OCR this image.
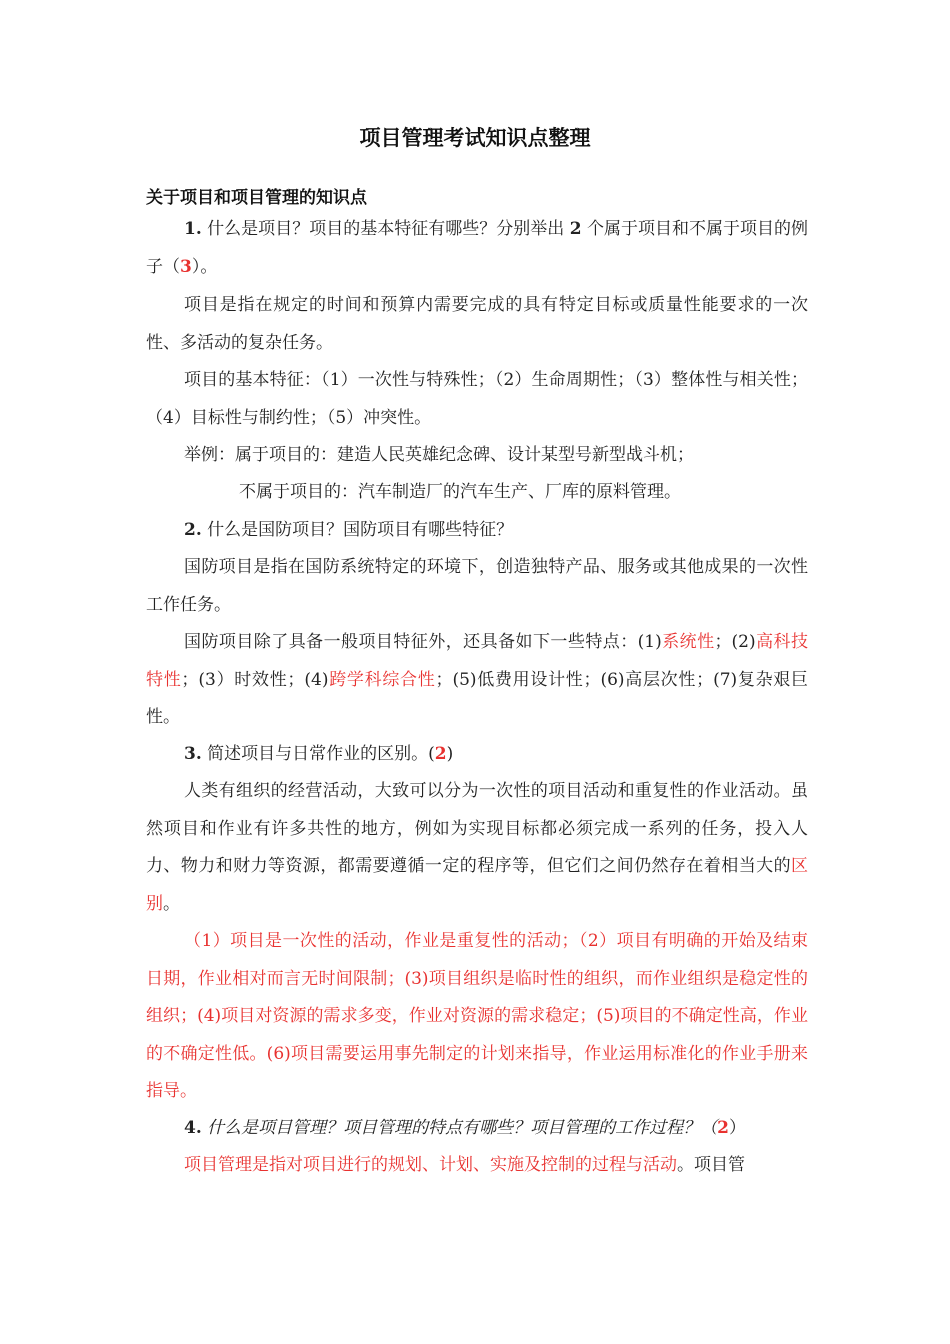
项目管理考试知识点整理
关于项目和项目管理的知识点
1. 什么是项目？项目的基本特征有哪些？分别举出 2 个属于项目和不属于项目的例子（3）。
项目是指在规定的时间和预算内需要完成的具有特定目标或质量性能要求的一次性、多活动的复杂任务。
项目的基本特征：（1）一次性与特殊性；（2）生命周期性；（3）整体性与相关性；（4）目标性与制约性；（5）冲突性。
举例：属于项目的：建造人民英雄纪念碑、设计某型号新型战斗机；
不属于项目的：汽车制造厂的汽车生产、厂库的原料管理。
2. 什么是国防项目？国防项目有哪些特征？
国防项目是指在国防系统特定的环境下，创造独特产品、服务或其他成果的一次性工作任务。
国防项目除了具备一般项目特征外，还具备如下一些特点：(1)系统性；(2)高科技特性；(3）时效性；(4)跨学科综合性；(5)低费用设计性；(6)高层次性；(7)复杂艰巨性。
3. 简述项目与日常作业的区别。(2)
人类有组织的经营活动，大致可以分为一次性的项目活动和重复性的作业活动。虽然项目和作业有许多共性的地方，例如为实现目标都必须完成一系列的任务，投入人力、物力和财力等资源，都需要遵循一定的程序等，但它们之间仍然存在着相当大的区别。
（1）项目是一次性的活动，作业是重复性的活动；（2）项目有明确的开始及结束日期，作业相对而言无时间限制；(3)项目组织是临时性的组织，而作业组织是稳定性的组织；(4)项目对资源的需求多变，作业对资源的需求稳定；(5)项目的不确定性高，作业的不确定性低。(6)项目需要运用事先制定的计划来指导，作业运用标准化的作业手册来指导。
4. 什么是项目管理？项目管理的特点有哪些？项目管理的工作过程？（2）
项目管理是指对项目进行的规划、计划、实施及控制的过程与活动。项目管
